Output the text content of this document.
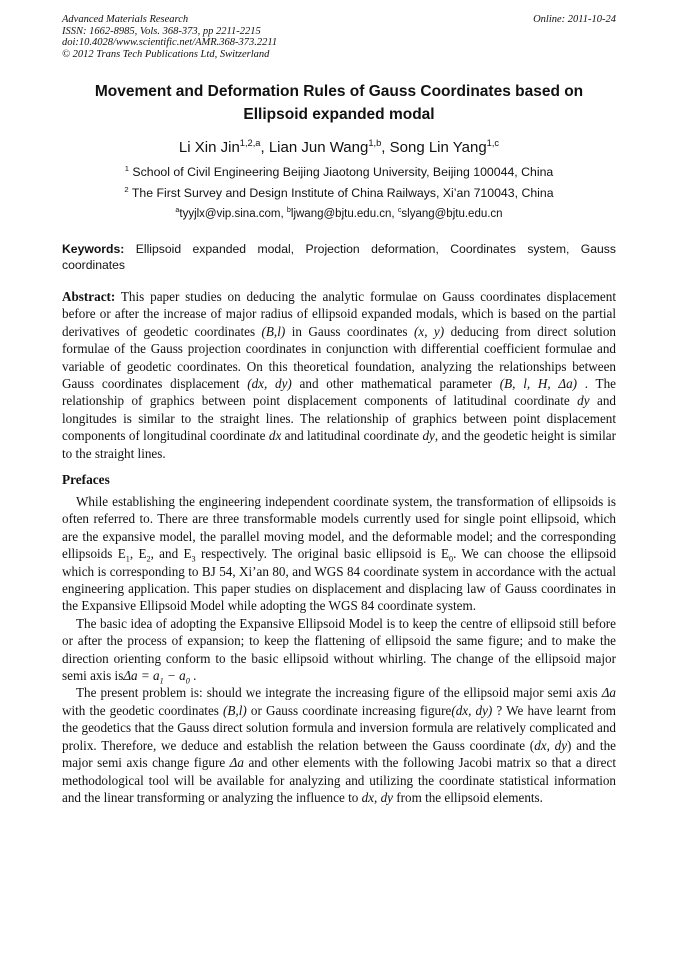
Advanced Materials Research
ISSN: 1662-8985, Vols. 368-373, pp 2211-2215
doi:10.4028/www.scientific.net/AMR.368-373.2211
© 2012 Trans Tech Publications Ltd, Switzerland
Online: 2011-10-24
Movement and Deformation Rules of Gauss Coordinates based on
Ellipsoid expanded modal
Li Xin Jin$^{1,2,a}$, Lian Jun Wang$^{1,b}$, Song Lin Yang$^{1,c}$
$^1$ School of Civil Engineering Beijing Jiaotong University, Beijing 100044, China
$^2$ The First Survey and Design Institute of China Railways, Xi’an 710043, China
$^a$tyyjlx@vip.sina.com, $^b$ljwang@bjtu.edu.cn, $^c$slyang@bjtu.edu.cn
Keywords: Ellipsoid expanded modal, Projection deformation, Coordinates system, Gauss coordinates
Abstract: This paper studies on deducing the analytic formulae on Gauss coordinates displacement before or after the increase of major radius of ellipsoid expanded modals, which is based on the partial derivatives of geodetic coordinates (B,l) in Gauss coordinates (x, y) deducing from direct solution formulae of the Gauss projection coordinates in conjunction with differential coefficient formulae and variable of geodetic coordinates. On this theoretical foundation, analyzing the relationships between Gauss coordinates displacement (dx, dy) and other mathematical parameter (B, l, H, Δa) . The relationship of graphics between point displacement components of latitudinal coordinate dy and longitudes is similar to the straight lines. The relationship of graphics between point displacement components of longitudinal coordinate dx and latitudinal coordinate dy, and the geodetic height is similar to the straight lines.
Prefaces

While establishing the engineering independent coordinate system, the transformation of ellipsoids is often referred to. There are three transformable models currently used for single point ellipsoid, which are the expansive model, the parallel moving model, and the deformable model; and the corresponding ellipsoids $E_1$, $E_2$, and $E_3$ respectively. The original basic ellipsoid is $E_0$. We can choose the ellipsoid which is corresponding to BJ 54, Xi’an 80, and WGS 84 coordinate system in accordance with the actual engineering application. This paper studies on displacement and displacing law of Gauss coordinates in the Expansive Ellipsoid Model while adopting the WGS 84 coordinate system.

The basic idea of adopting the Expansive Ellipsoid Model is to keep the centre of ellipsoid still before or after the process of expansion; to keep the flattening of ellipsoid the same figure; and to make the direction orienting conform to the basic ellipsoid without whirling. The change of the ellipsoid major semi axis $is\Delta a = a_1 - a_0$ .

The present problem is: should we integrate the increasing figure of the ellipsoid major semi axis Δa with the geodetic coordinates (B,l) or Gauss coordinate increasing figure(dx, dy) ? We have learnt from the geodetics that the Gauss direct solution formula and inversion formula are relatively complicated and prolix. Therefore, we deduce and establish the relation between the Gauss coordinate (dx, dy) and the major semi axis change figure Δa and other elements with the following Jacobi matrix so that a direct methodological tool will be available for analyzing and utilizing the coordinate statistical information and the linear transforming or analyzing the influence to dx, dy from the ellipsoid elements.
